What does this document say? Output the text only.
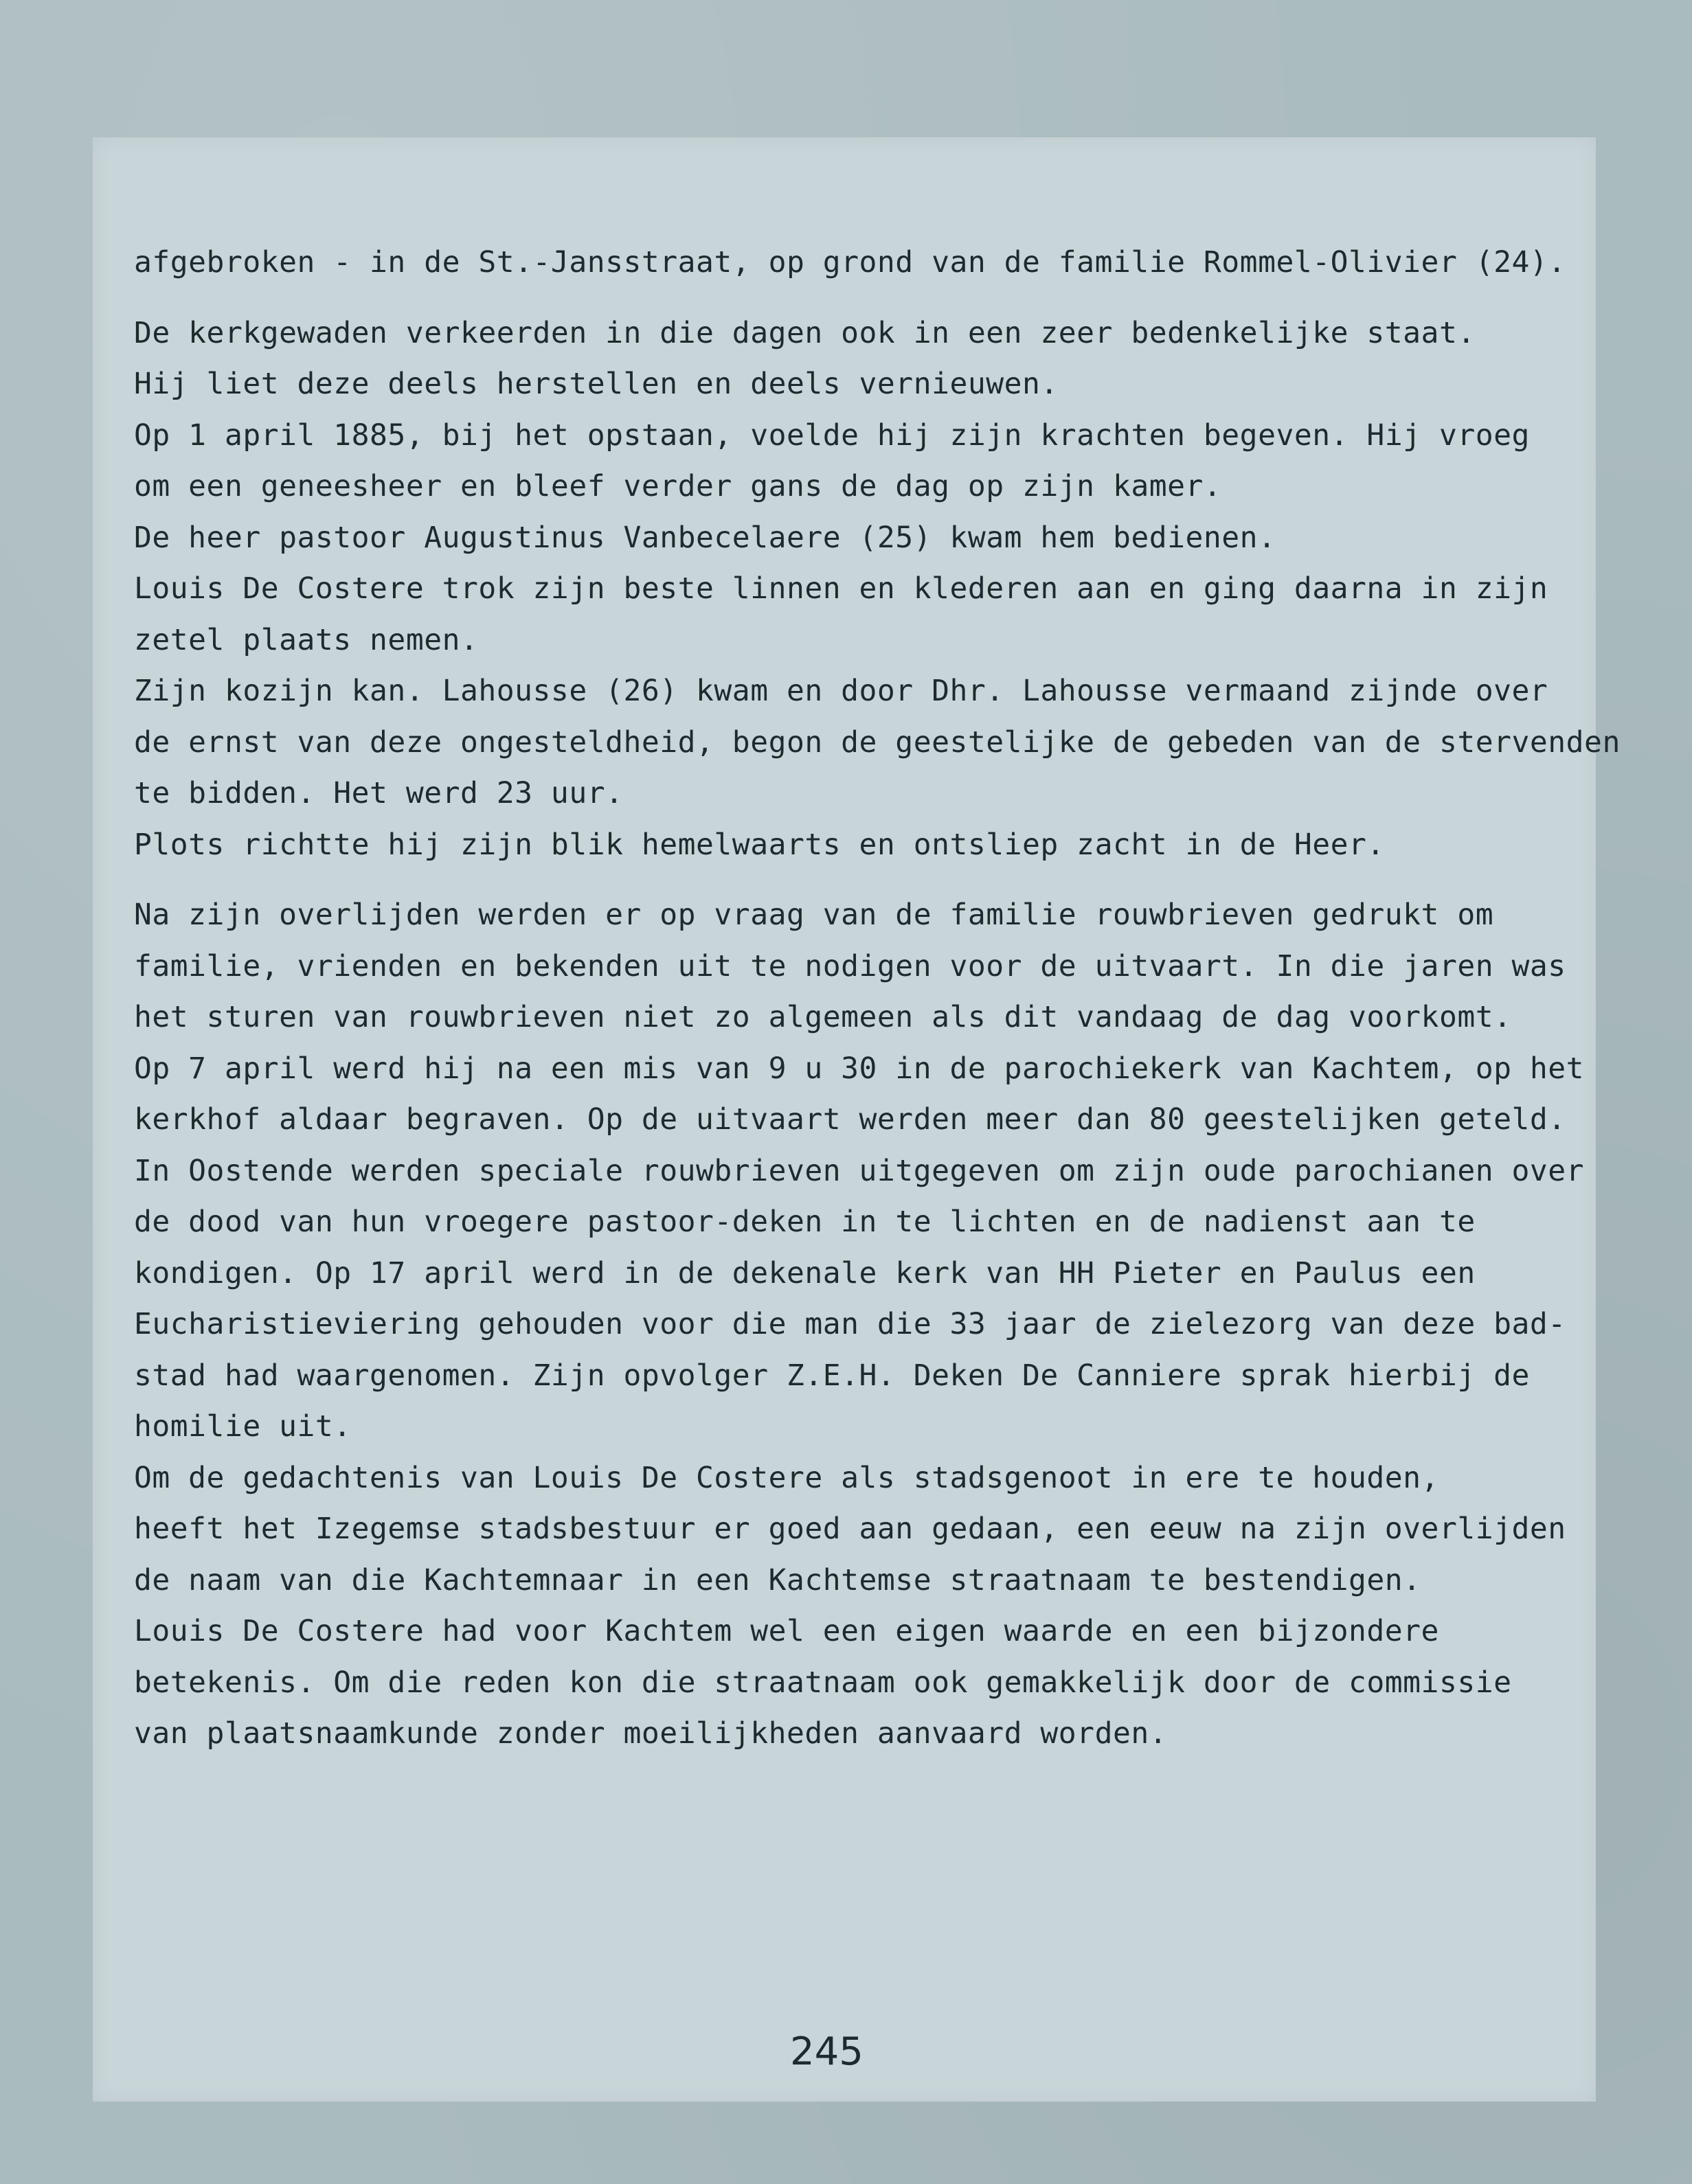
afgebroken - in de St.-Jansstraat, op grond van de familie Rommel-Olivier (24).
De kerkgewaden verkeerden in die dagen ook in een zeer bedenkelijke staat.
Hij liet deze deels herstellen en deels vernieuwen.
Op 1 april 1885, bij het opstaan, voelde hij zijn krachten begeven. Hij vroeg
om een geneesheer en bleef verder gans de dag op zijn kamer.
De heer pastoor Augustinus Vanbecelaere (25) kwam hem bedienen.
Louis De Costere trok zijn beste linnen en klederen aan en ging daarna in zijn
zetel plaats nemen.
Zijn kozijn kan. Lahousse (26) kwam en door Dhr. Lahousse vermaand zijnde over
de ernst van deze ongesteldheid, begon de geestelijke de gebeden van de stervenden
te bidden. Het werd 23 uur.
Plots richtte hij zijn blik hemelwaarts en ontsliep zacht in de Heer.
Na zijn overlijden werden er op vraag van de familie rouwbrieven gedrukt om
familie, vrienden en bekenden uit te nodigen voor de uitvaart. In die jaren was
het sturen van rouwbrieven niet zo algemeen als dit vandaag de dag voorkomt.
Op 7 april werd hij na een mis van 9 u 30 in de parochiekerk van Kachtem, op het
kerkhof aldaar begraven. Op de uitvaart werden meer dan 80 geestelijken geteld.
In Oostende werden speciale rouwbrieven uitgegeven om zijn oude parochianen over
de dood van hun vroegere pastoor-deken in te lichten en de nadienst aan te
kondigen. Op 17 april werd in de dekenale kerk van HH Pieter en Paulus een
Eucharistieviering gehouden voor die man die 33 jaar de zielezorg van deze bad-
stad had waargenomen. Zijn opvolger Z.E.H. Deken De Canniere sprak hierbij de
homilie uit.
Om de gedachtenis van Louis De Costere als stadsgenoot in ere te houden,
heeft het Izegemse stadsbestuur er goed aan gedaan, een eeuw na zijn overlijden
de naam van die Kachtemnaar in een Kachtemse straatnaam te bestendigen.
Louis De Costere had voor Kachtem wel een eigen waarde en een bijzondere
betekenis. Om die reden kon die straatnaam ook gemakkelijk door de commissie
van plaatsnaamkunde zonder moeilijkheden aanvaard worden.
245
